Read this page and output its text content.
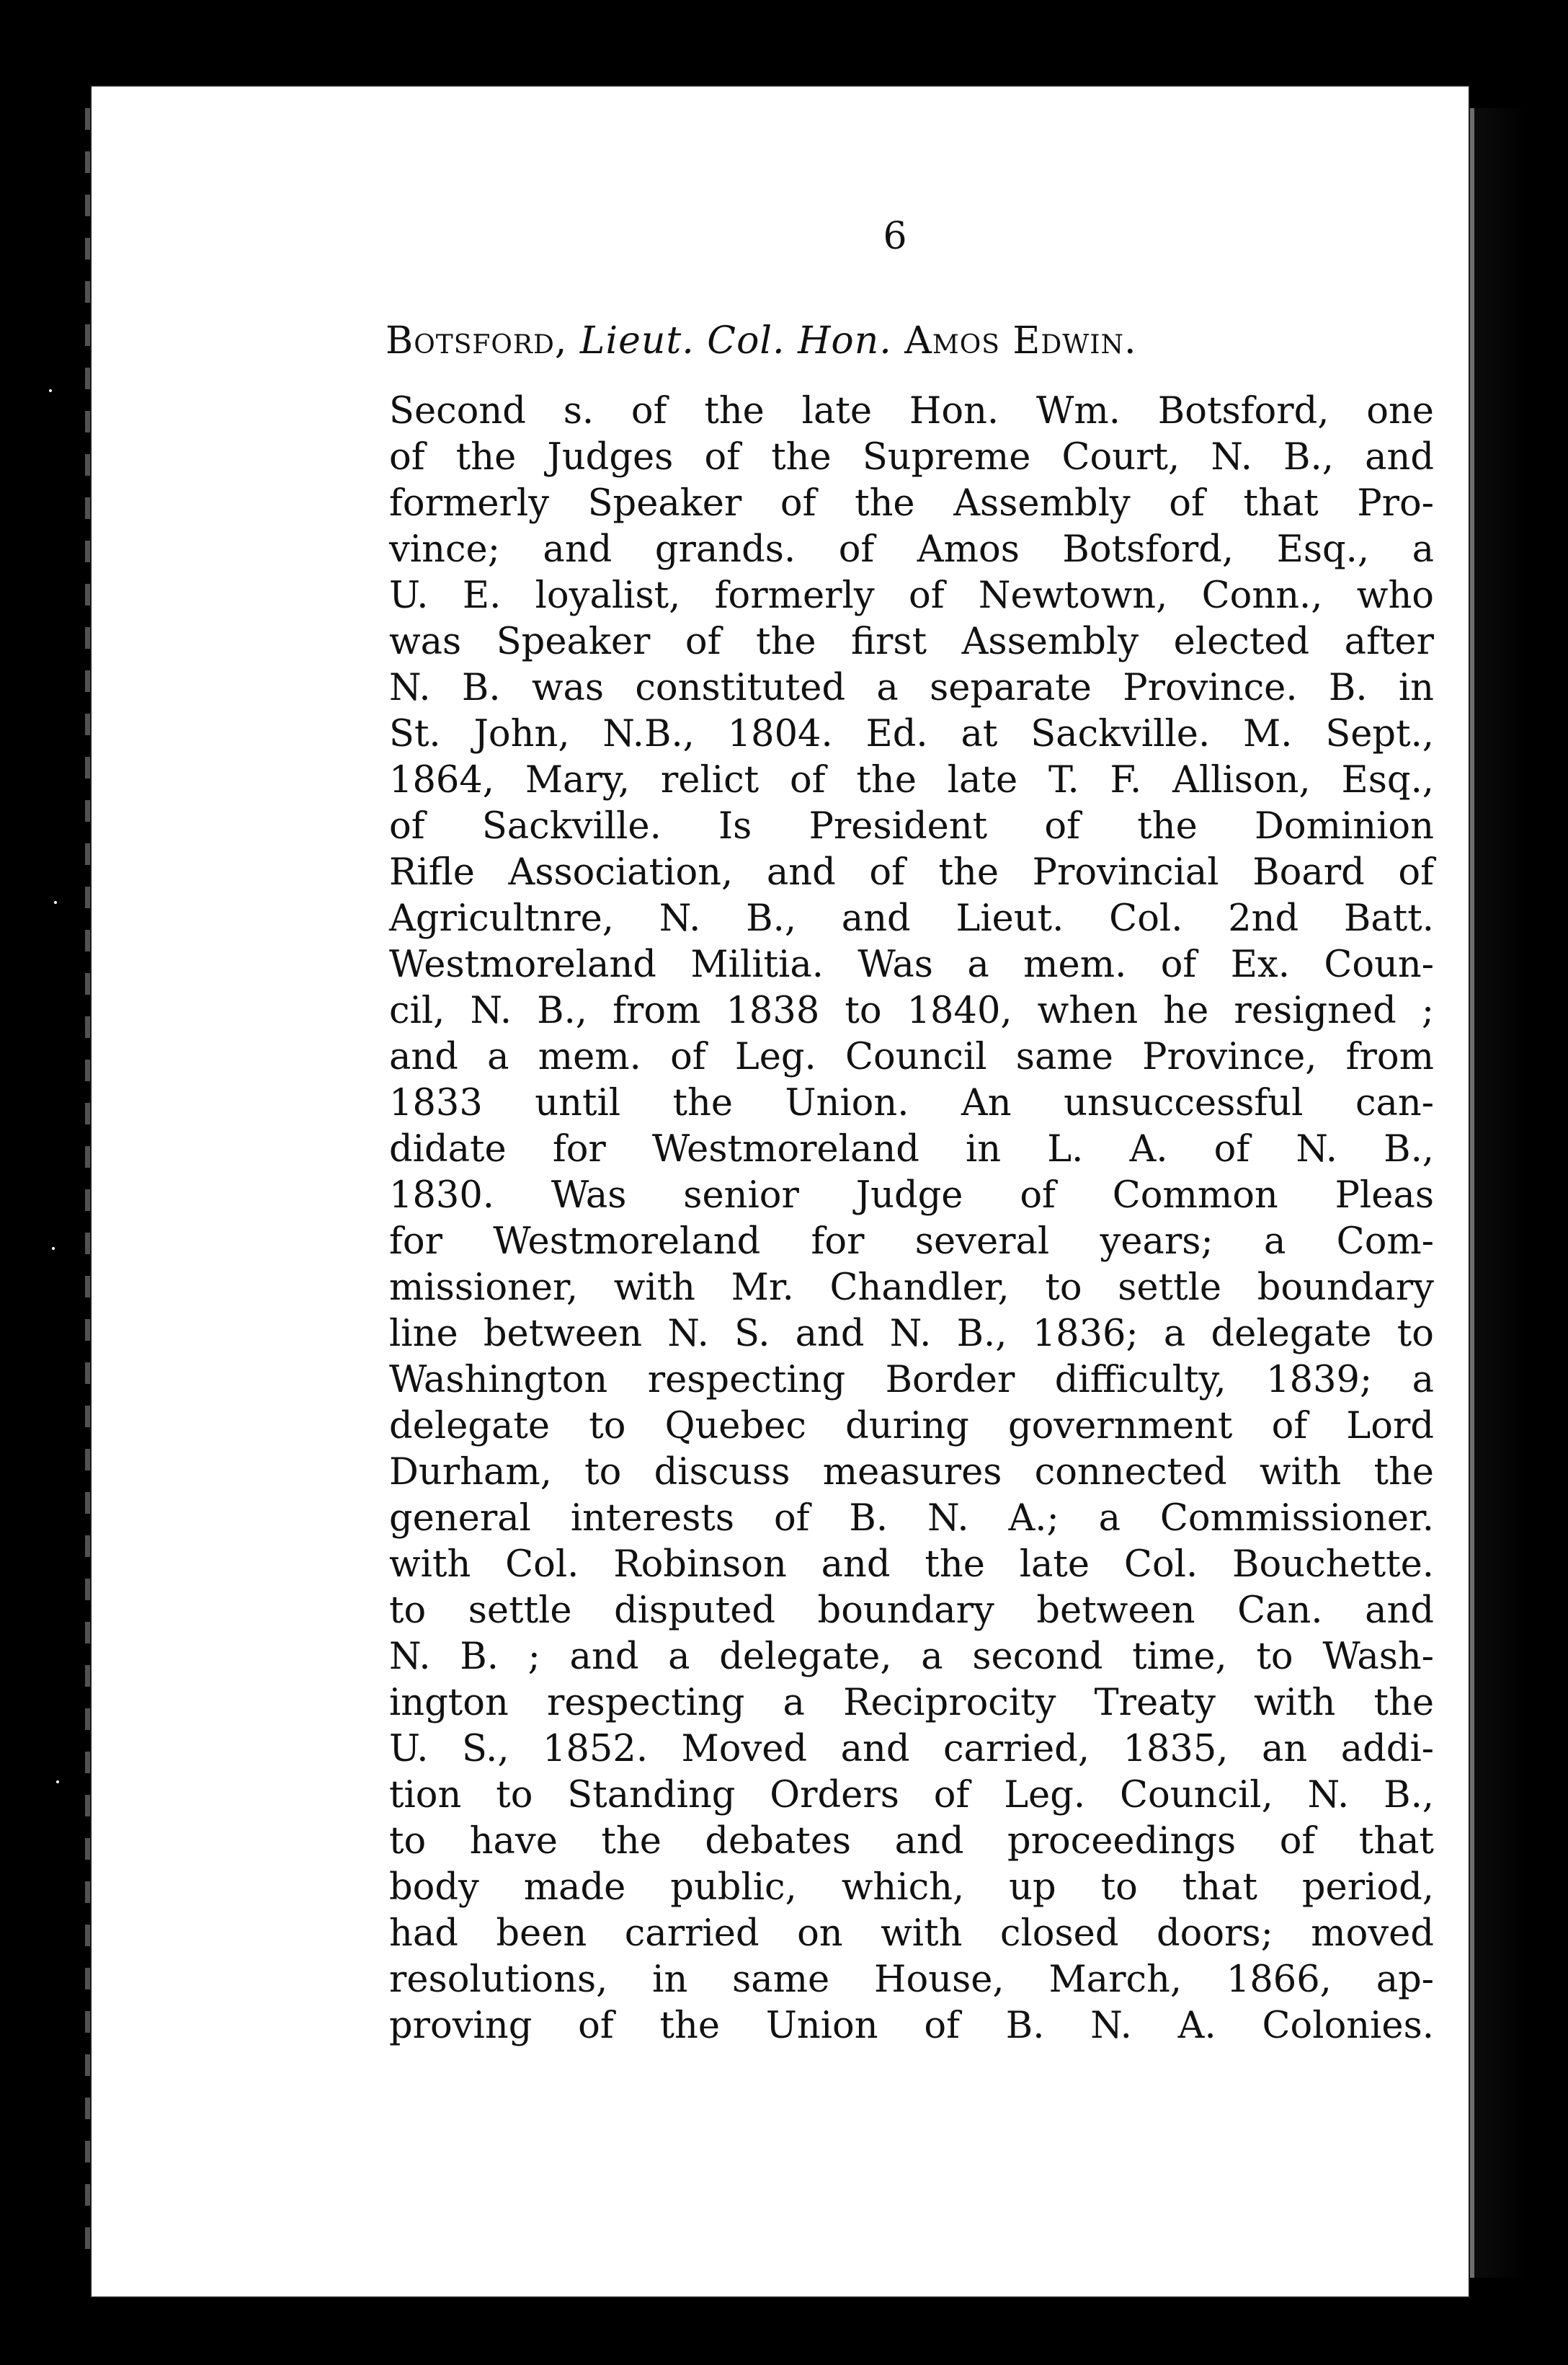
6
Botsford, Lieut. Col. Hon. Amos Edwin.
Second s. of the late Hon. Wm. Botsford, one
of the Judges of the Supreme Court, N. B., and
formerly Speaker of the Assembly of that Pro-
vince; and grands. of Amos Botsford, Esq., a
U. E. loyalist, formerly of Newtown, Conn., who
was Speaker of the first Assembly elected after
N. B. was constituted a separate Province. B. in
St. John, N.B., 1804. Ed. at Sackville. M. Sept.,
1864, Mary, relict of the late T. F. Allison, Esq.,
of Sackville. Is President of the Dominion
Rifle Association, and of the Provincial Board of
Agricultnre, N. B., and Lieut. Col. 2nd Batt.
Westmoreland Militia. Was a mem. of Ex. Coun-
cil, N. B., from 1838 to 1840, when he resigned ;
and a mem. of Leg. Council same Province, from
1833 until the Union. An unsuccessful can-
didate for Westmoreland in L. A. of N. B.,
1830. Was senior Judge of Common Pleas
for Westmoreland for several years; a Com-
missioner, with Mr. Chandler, to settle boundary
line between N. S. and N. B., 1836; a delegate to
Washington respecting Border difficulty, 1839; a
delegate to Quebec during government of Lord
Durham, to discuss measures connected with the
general interests of B. N. A.; a Commissioner.
with Col. Robinson and the late Col. Bouchette.
to settle disputed boundary between Can. and
N. B. ; and a delegate, a second time, to Wash-
ington respecting a Reciprocity Treaty with the
U. S., 1852. Moved and carried, 1835, an addi-
tion to Standing Orders of Leg. Council, N. B.,
to have the debates and proceedings of that
body made public, which, up to that period,
had been carried on with closed doors; moved
resolutions, in same House, March, 1866, ap-
proving of the Union of B. N. A. Colonies.
